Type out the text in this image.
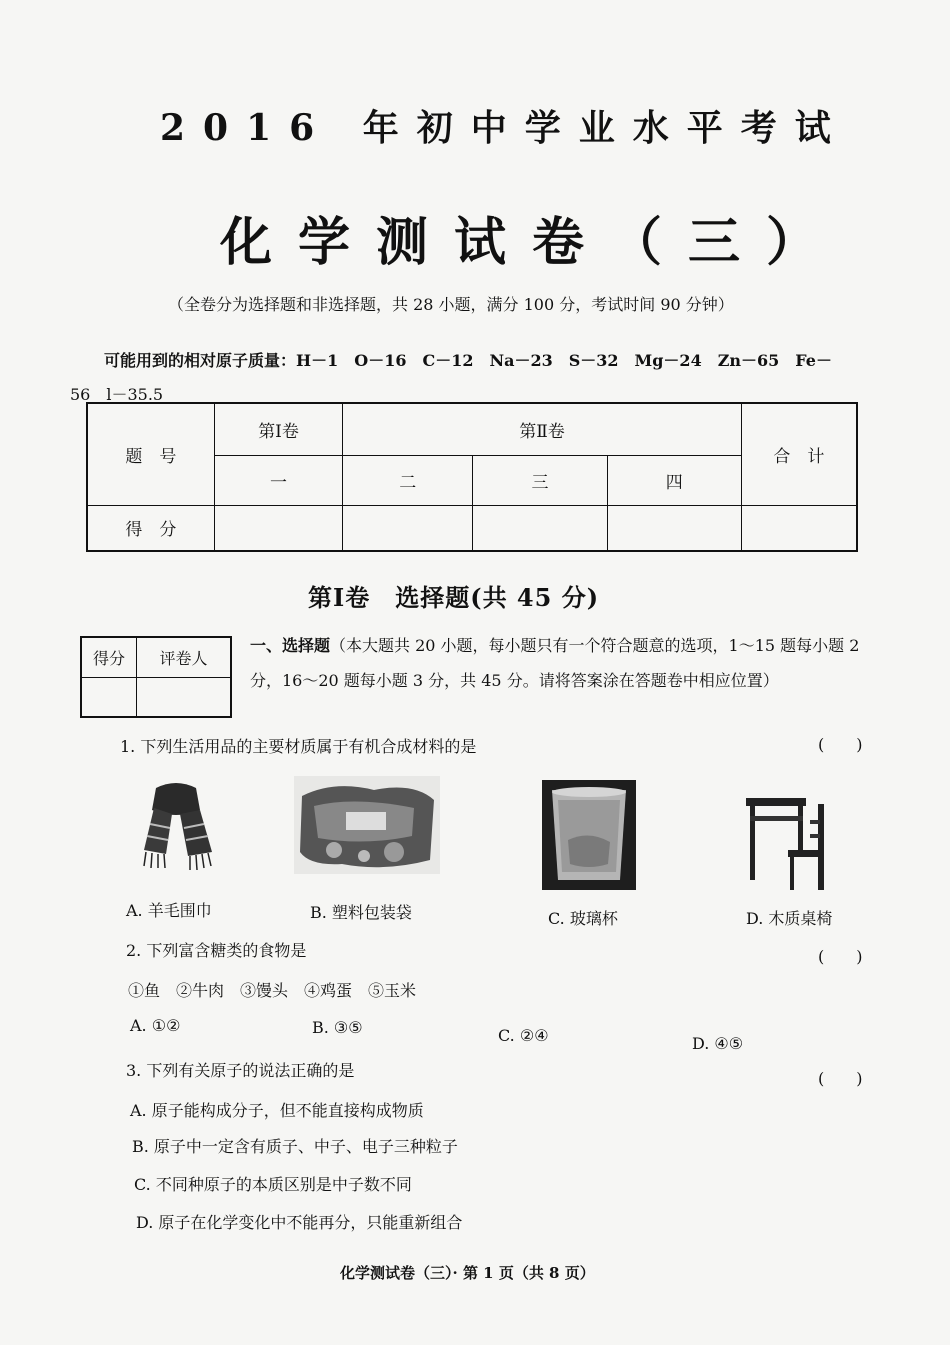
2016 年初中学业水平考试
化学测试卷（三）
（全卷分为选择题和非选择题，共 28 小题，满分 100 分，考试时间 90 分钟）
可能用到的相对原子质量：H－1　O－16　C－12　Na－23　S－32　Mg－24　Zn－65　Fe－
56　l－35.5
题　号	第Ⅰ卷	第Ⅱ卷			合　计
	一	二	三	四	
得　分					
第Ⅰ卷　选择题(共 45 分)
得分	评卷人

一、选择题（本大题共 20 小题，每小题只有一个符合题意的选项，1～15 题每小题 2 分，16～20 题每小题 3 分，共 45 分。请将答案涂在答题卷中相应位置）
1. 下列生活用品的主要材质属于有机合成材料的是	(　　)
A. 羊毛围巾	B. 塑料包装袋	C. 玻璃杯	D. 木质桌椅
2. 下列富含糖类的食物是	(　　)
①鱼　②牛肉　③馒头　④鸡蛋　⑤玉米
A. ①②	B. ③⑤	C. ②④	D. ④⑤
3. 下列有关原子的说法正确的是	(　　)
A. 原子能构成分子，但不能直接构成物质
B. 原子中一定含有质子、中子、电子三种粒子
C. 不同种原子的本质区别是中子数不同
D. 原子在化学变化中不能再分，只能重新组合
化学测试卷（三）· 第 1 页（共 8 页）
